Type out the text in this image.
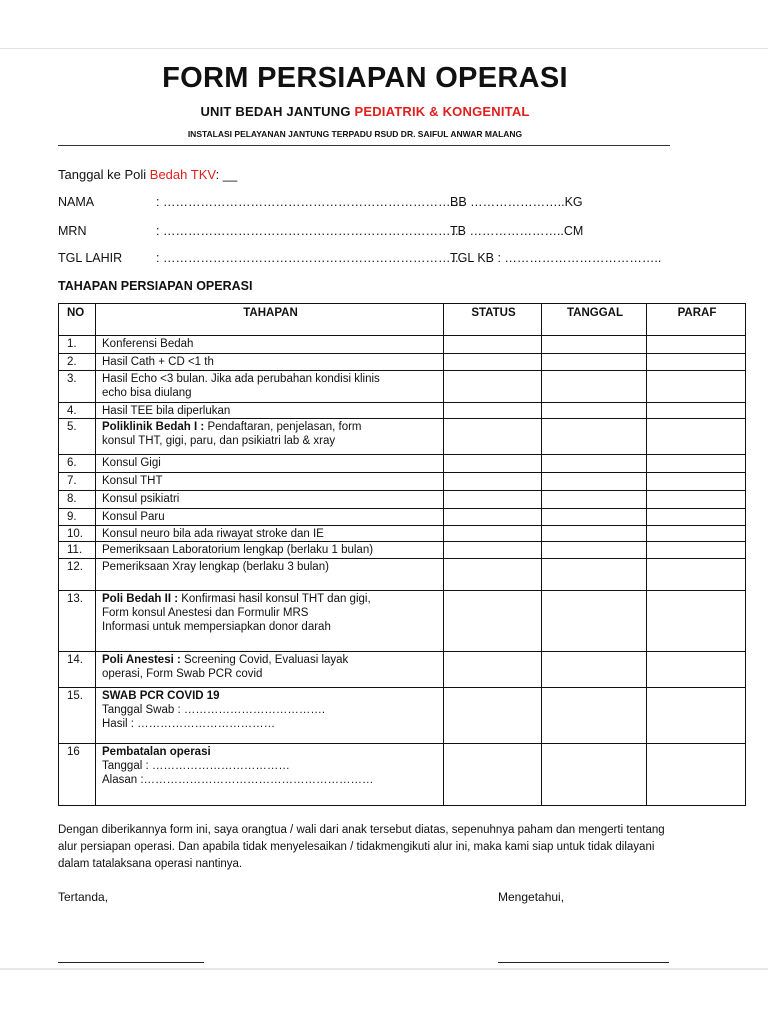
FORM PERSIAPAN OPERASI
UNIT BEDAH JANTUNG PEDIATRIK & KONGENITAL
INSTALASI PELAYANAN JANTUNG TERPADU RSUD DR. SAIFUL ANWAR MALANG
Tanggal ke Poli Bedah TKV: __
NAMA	: ………………………………………………………………
MRN	: ………………………………………………………………
TGL LAHIR	: ………………………………………………………………
BB …………………..KG
TB …………………..CM
TGL KB : ………………………………..
TAHAPAN PERSIAPAN OPERASI
NO	TAHAPAN	STATUS	TANGGAL	PARAF
1.	Konferensi Bedah			
2.	Hasil Cath + CD <1 th			
3.	Hasil Echo <3 bulan. Jika ada perubahan kondisi klinis
echo bisa diulang			
4.	Hasil TEE bila diperlukan			
5.	Poliklinik Bedah I : Pendaftaran, penjelasan, form
konsul THT, gigi, paru, dan psikiatri lab & xray			
6.	Konsul Gigi			
7.	Konsul THT			
8.	Konsul psikiatri			
9.	Konsul Paru			
10.	Konsul neuro bila ada riwayat stroke dan IE			
11.	Pemeriksaan Laboratorium lengkap (berlaku 1 bulan)			
12.	Pemeriksaan Xray lengkap (berlaku 3 bulan)			
13.	Poli Bedah II : Konfirmasi hasil konsul THT dan gigi,
Form konsul Anestesi dan Formulir MRS
Informasi untuk mempersiapkan donor darah			
14.	Poli Anestesi : Screening Covid, Evaluasi layak
operasi, Form Swab PCR covid			
15.	SWAB PCR COVID 19
Tanggal Swab : ……………………………….
Hasil : ………………………………			
16	Pembatalan operasi
Tanggal : ………………………………
Alasan :……………………………………………………			
Dengan diberikannya form ini, saya orangtua / wali dari anak tersebut diatas, sepenuhnya paham dan mengerti tentang alur persiapan operasi. Dan apabila tidak menyelesaikan / tidakmengikuti alur ini, maka kami siap untuk tidak dilayani dalam tatalaksana operasi nantinya.
Tertanda,	Mengetahui,
